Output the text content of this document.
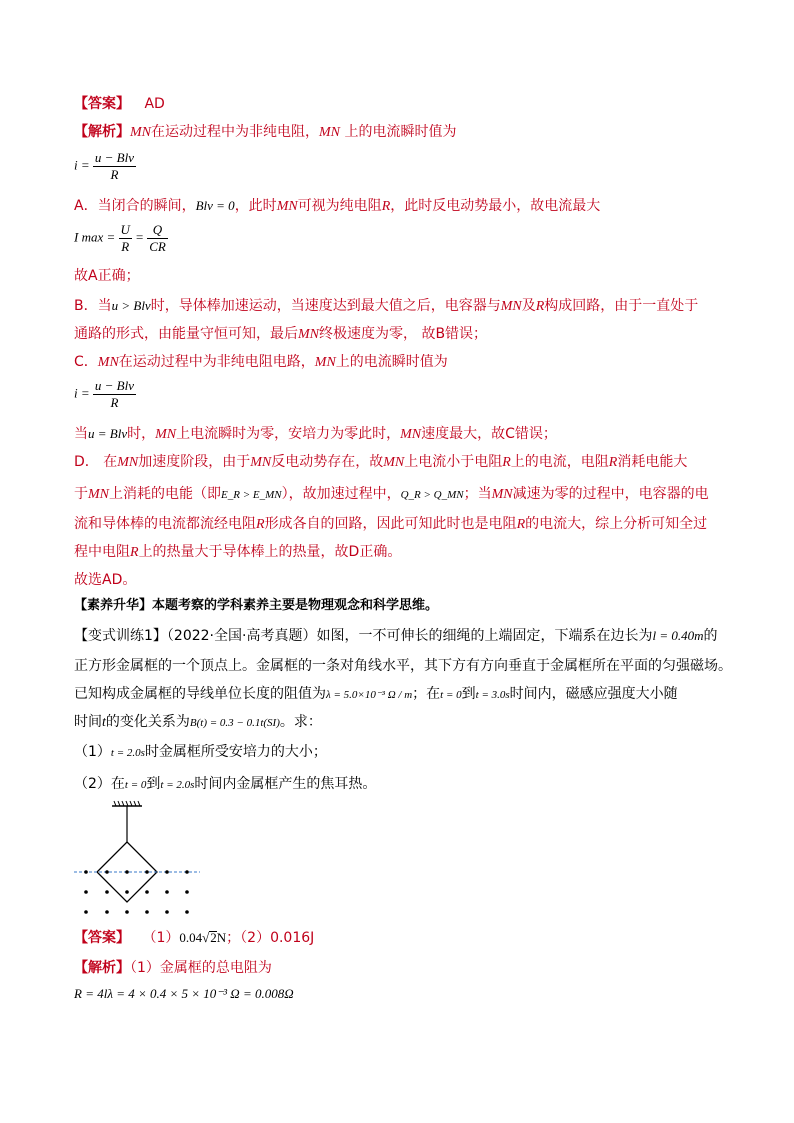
【答案】 AD
【解析】MN在运动过程中为非纯电阻，MN 上的电流瞬时值为
$i = \frac{\text{u − Blv}}{R}$
A．当闭合的瞬间，Blv = 0，此时MN可视为纯电阻R，此时反电动势最小，故电流最大
I $\max = \frac{U}{R} = \frac{Q}{CR}$
故A正确；
B．当u > Blv时，导体棒加速运动，当速度达到最大值之后，电容器与MN及R构成回路，由于一直处于
通路的形式，由能量守恒可知，最后MN终极速度为零， 故B错误；
C．MN在运动过程中为非纯电阻电路，MN上的电流瞬时值为
$i = \frac{\text{u − Blv}}{R}$
当u = Blv时，MN上电流瞬时为零，安培力为零此时，MN速度最大，故C错误；
D． 在MN加速度阶段，由于MN反电动势存在，故MN上电流小于电阻R上的电流，电阻R消耗电能大
于MN上消耗的电能（即E_R > E_MN），故加速过程中，Q_R > Q_MN；当MN减速为零的过程中，电容器的电
流和导体棒的电流都流经电阻R形成各自的回路，因此可知此时也是电阻R的电流大，综上分析可知全过
程中电阻R上的热量大于导体棒上的热量，故D正确。
故选AD。
【素养升华】本题考察的学科素养主要是物理观念和科学思维。
【变式训练1】（2022·全国·高考真题）如图，一不可伸长的细绳的上端固定，下端系在边长为l = 0.40m的
正方形金属框的一个顶点上。金属框的一条对角线水平，其下方有方向垂直于金属框所在平面的匀强磁场。
已知构成金属框的导线单位长度的阻值为λ = 5.0×10⁻³ Ω / m；在t = 0到t = 3.0s时间内，磁感应强度大小随
时间t的变化关系为B(t) = 0.3 − 0.1t(SI)。求：
（1）t = 2.0s时金属框所受安培力的大小；
（2）在t = 0到t = 2.0s时间内金属框产生的焦耳热。
【答案】 （1）0.04√2N；（2）0.016J
【解析】（1）金属框的总电阻为
R = 4lλ = 4 × 0.4 × 5 × 10⁻³ Ω = 0.008Ω
